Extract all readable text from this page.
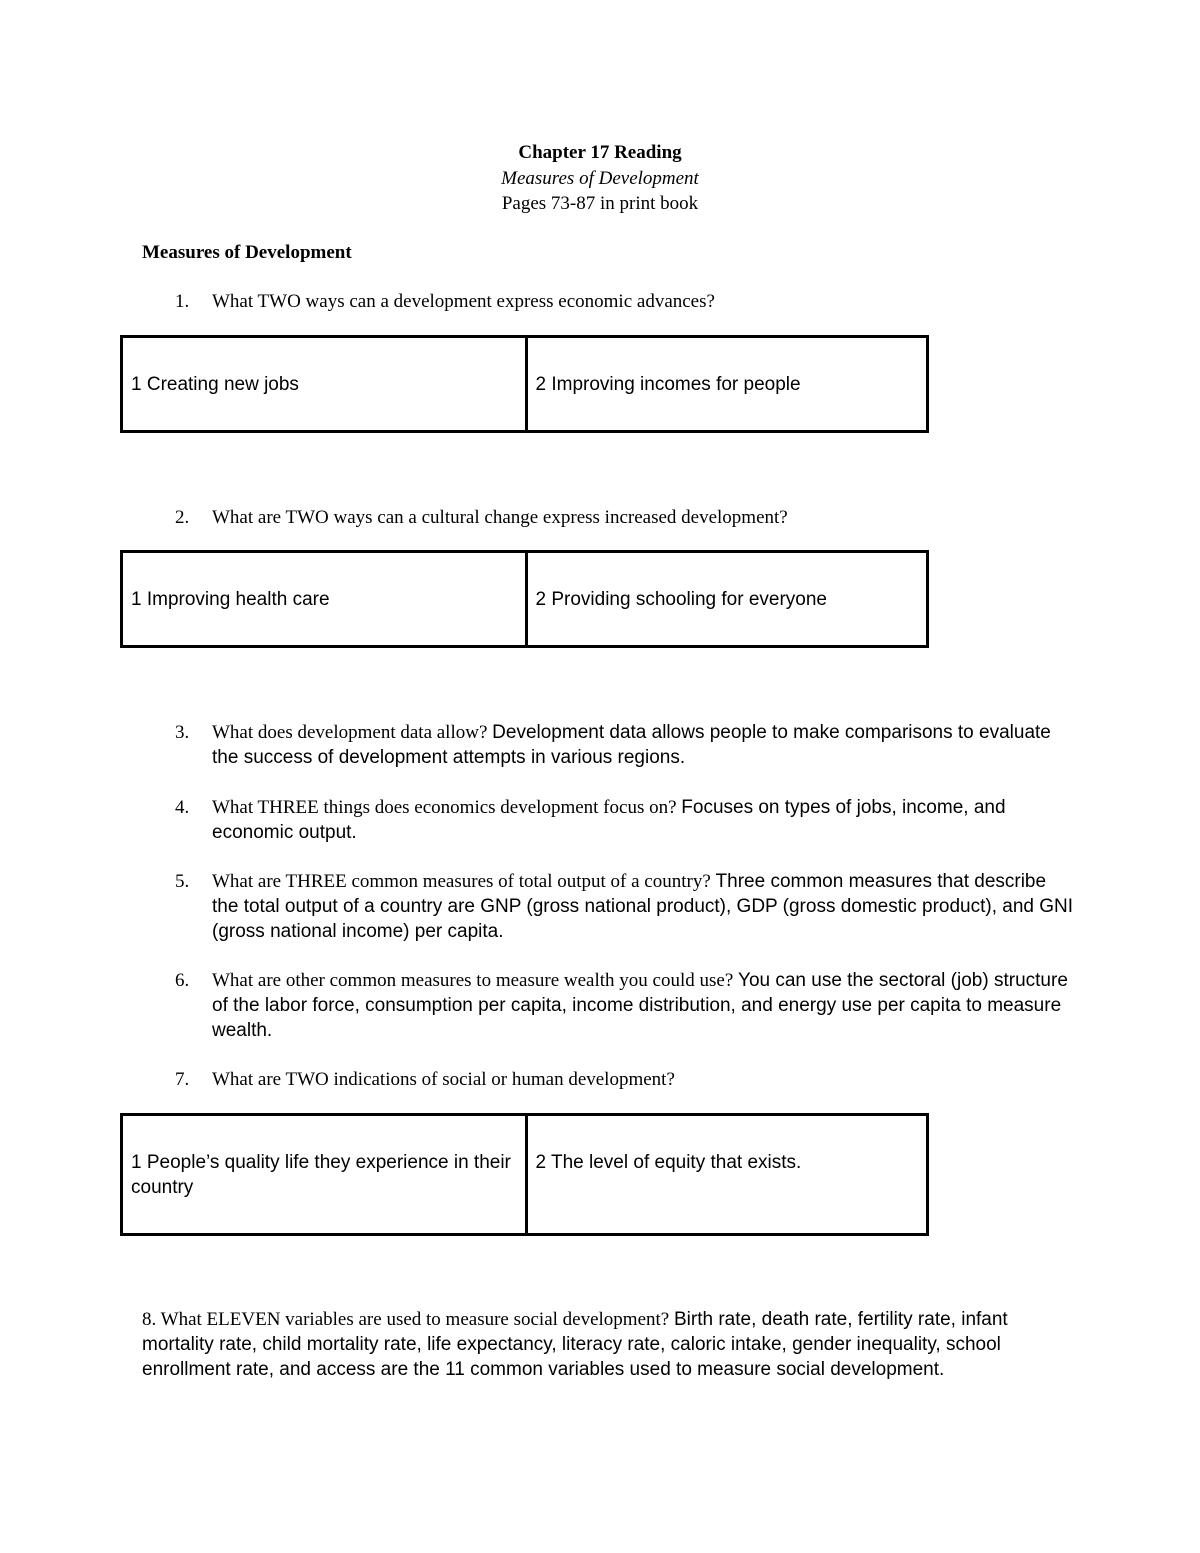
Chapter 17 Reading
Measures of Development
Pages 73-87 in print book
Measures of Development
1.	What TWO ways can a development express economic advances?
1 Creating new jobs	2 Improving incomes for people
2.	What are TWO ways can a cultural change express increased development?
1 Improving health care	2 Providing schooling for everyone
3.	What does development data allow? Development data allows people to make comparisons to evaluate the success of development attempts in various regions.
4.	What THREE things does economics development focus on? Focuses on types of jobs, income, and economic output.
5.	What are THREE common measures of total output of a country? Three common measures that describe the total output of a country are GNP (gross national product), GDP (gross domestic product), and GNI (gross national income) per capita.
6.	What are other common measures to measure wealth you could use? You can use the sectoral (job) structure of the labor force, consumption per capita, income distribution, and energy use per capita to measure wealth.
7.	What are TWO indications of social or human development?
1 People’s quality life they experience in their country
2 The level of equity that exists.
8. What ELEVEN variables are used to measure social development? Birth rate, death rate, fertility rate, infant mortality rate, child mortality rate, life expectancy, literacy rate, caloric intake, gender inequality, school enrollment rate, and access are the 11 common variables used to measure social development.
